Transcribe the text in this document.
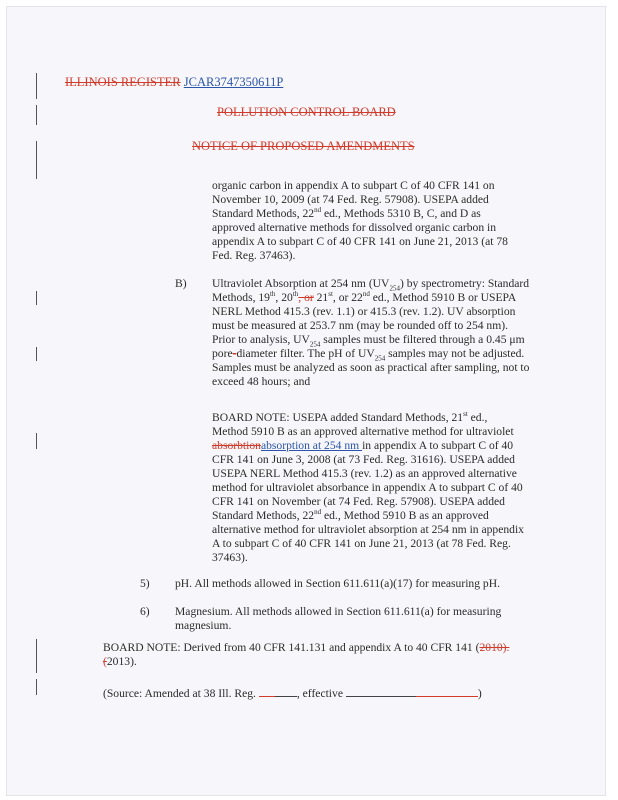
ILLINOIS REGISTER JCAR3747350611P
POLLUTION CONTROL BOARD
NOTICE OF PROPOSED AMENDMENTS

organic carbon in appendix A to subpart C of 40 CFR 141 on

November 10, 2009 (at 74 Fed. Reg. 57908). USEPA added

Standard Methods, 22nd ed., Methods 5310 B, C, and D as

approved alternative methods for dissolved organic carbon in

appendix A to subpart C of 40 CFR 141 on June 21, 2013 (at 78

Fed. Reg. 37463).

B) Ultraviolet Absorption at 254 nm $(UV_{254})$ by spectrometry: Standard

Methods, 19th, 20th, or 21st, or 22nd ed., Method 5910 B or USEPA

NERL Method 415.3 (rev. 1.1) or 415.3 (rev. 1.2). UV absorption

must be measured at 253.7 nm (may be rounded off to 254 nm).

Prior to analysis, $UV_{254}$ samples must be filtered through a 0.45 μm

pore-diameter filter. The pH of $UV_{254}$ samples may not be adjusted.

Samples must be analyzed as soon as practical after sampling, not to

exceed 48 hours; and

BOARD NOTE: USEPA added Standard Methods, 21st ed.,

Method 5910 B as an approved alternative method for ultraviolet

absorbtionabsorption at 254 nm in appendix A to subpart C of 40

CFR 141 on June 3, 2008 (at 73 Fed. Reg. 31616). USEPA added

USEPA NERL Method 415.3 (rev. 1.2) as an approved alternative

method for ultraviolet absorbance in appendix A to subpart C of 40

CFR 141 on November (at 74 Fed. Reg. 57908). USEPA added

Standard Methods, 22nd ed., Method 5910 B as an approved

alternative method for ultraviolet absorption at 254 nm in appendix

A to subpart C of 40 CFR 141 on June 21, 2013 (at 78 Fed. Reg.

37463).

5) pH. All methods allowed in Section 611.611(a)(17) for measuring pH.
6) Magnesium. All methods allowed in Section 611.611(a) for measuring

magnesium.

BOARD NOTE: Derived from 40 CFR 141.131 and appendix A to 40 CFR 141 (2010).

(2013).

(Source: Amended at 38 Ill. Reg.	, effective	)
